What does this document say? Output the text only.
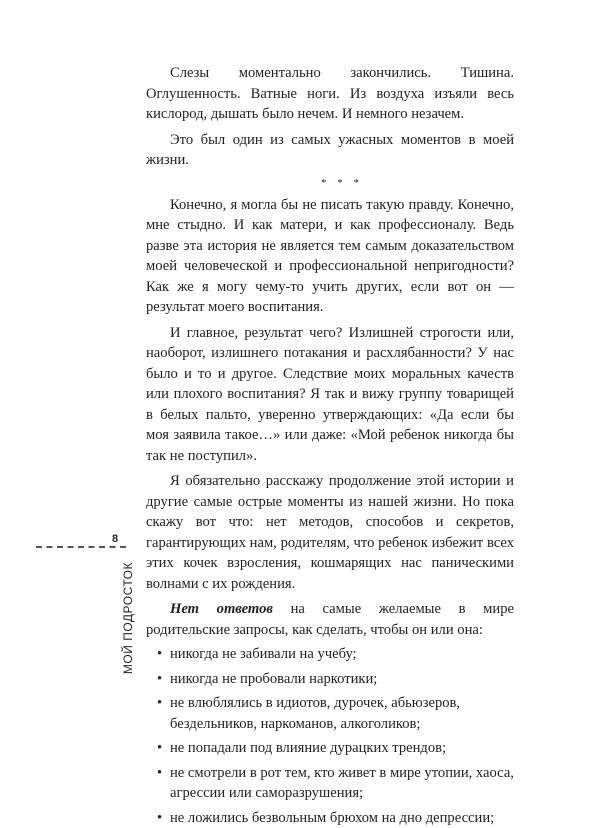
Слезы моментально закончились. Тишина. Оглушенность. Ватные ноги. Из воздуха изъяли весь кислород, дышать было нечем. И немного незачем.

Это был один из самых ужасных моментов в моей жизни.

* * *

Конечно, я могла бы не писать такую правду. Конечно, мне стыдно. И как матери, и как профессионалу. Ведь разве эта история не является тем самым доказательством моей человеческой и профессиональной непригодности? Как же я могу чему-то учить других, если вот он — результат моего воспитания.

И главное, результат чего? Излишней строгости или, наоборот, излишнего потакания и расхлябанности? У нас было и то и другое. Следствие моих моральных качеств или плохого воспитания? Я так и вижу группу товарищей в белых пальто, уверенно утверждающих: «Да если бы моя заявила такое…» или даже: «Мой ребенок никогда бы так не поступил».

Я обязательно расскажу продолжение этой истории и другие самые острые моменты из нашей жизни. Но пока скажу вот что: нет методов, способов и секретов, гарантирующих нам, родителям, что ребенок избежит всех этих кочек взросления, кошмарящих нас паническими волнами с их рождения.

Нет ответов на самые желаемые в мире родительские запросы, как сделать, чтобы он или она:

• никогда не забивали на учебу;
• никогда не пробовали наркотики;
• не влюблялись в идиотов, дурочек, абьюзеров, бездельников, наркоманов, алкоголиков;
• не попадали под влияние дурацких трендов;
• не смотрели в рот тем, кто живет в мире утопии, хаоса, агрессии или саморазрушения;
• не ложились безвольным брюхом на дно депрессии;
8
МОЙ ПОДРОСТОК
